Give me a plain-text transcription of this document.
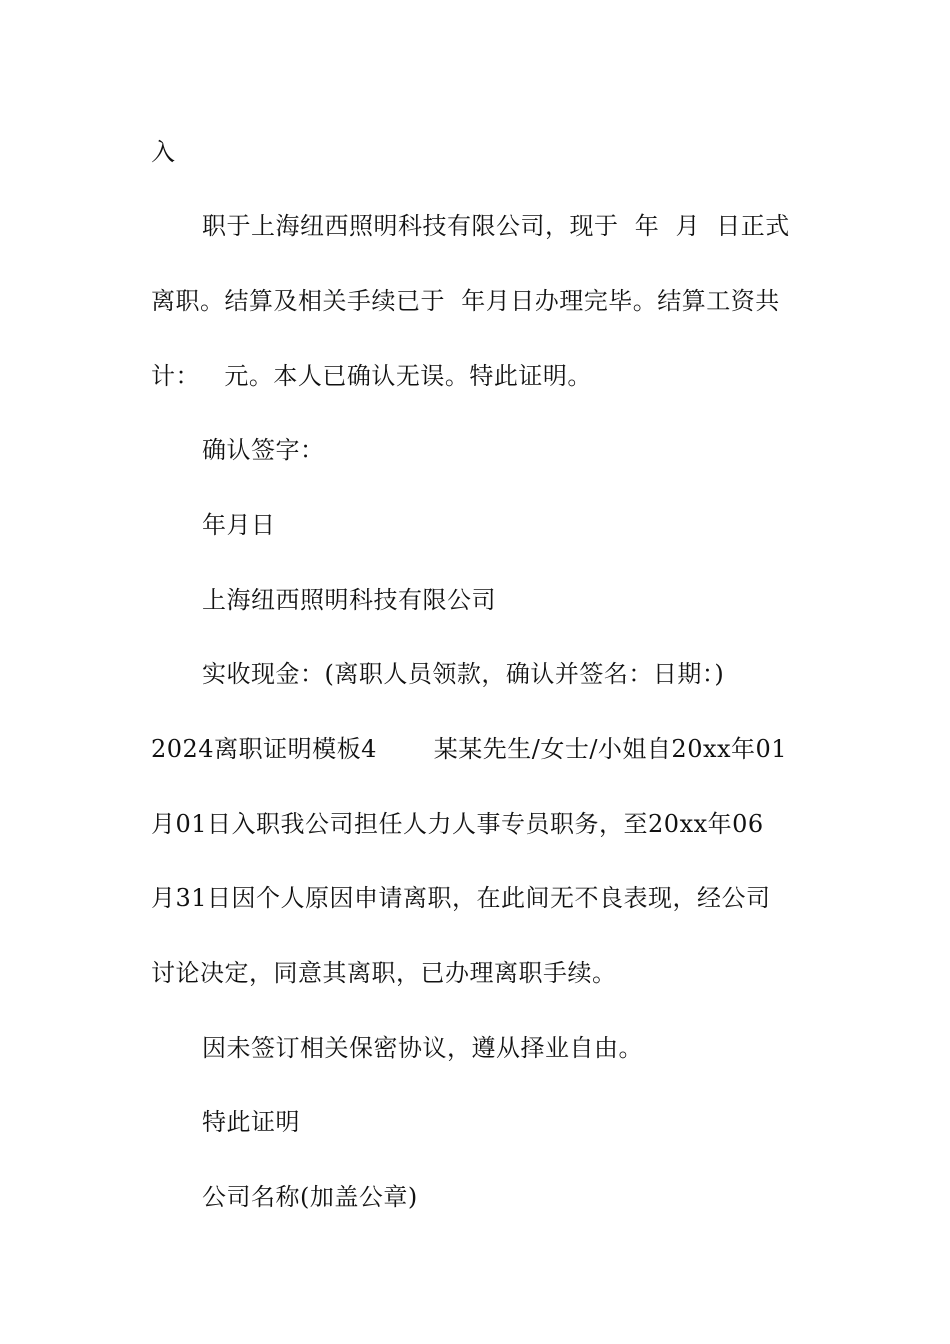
入
职于上海纽西照明科技有限公司，现于  年  月  日正式
离职。结算及相关手续已于  年月日办理完毕。结算工资共
计：   元。本人已确认无误。特此证明。
确认签字：
年月日
上海纽西照明科技有限公司
实收现金：(离职人员领款，确认并签名：日期：)
2024离职证明模板4       某某先生/女士/小姐自20xx年01
月01日入职我公司担任人力人事专员职务，至20xx年06
月31日因个人原因申请离职，在此间无不良表现，经公司
讨论决定，同意其离职，已办理离职手续。
因未签订相关保密协议，遵从择业自由。
特此证明
公司名称(加盖公章)
